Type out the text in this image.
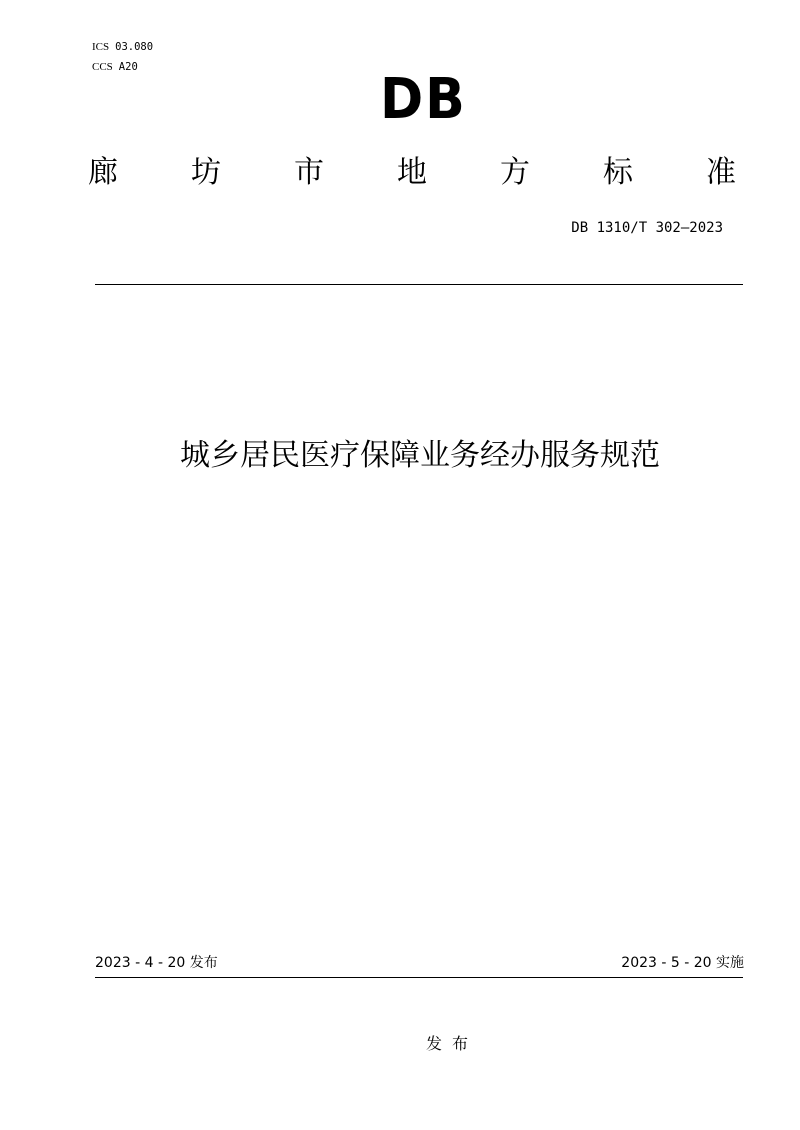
ICS 03.080
CCS A20	DB
廊 坊 市 地 方 标 准
DB 1310/T 302—2023
城乡居民医疗保障业务经办服务规范
2023 - 4 - 20 发布	2023 - 5 - 20 实施
发布
